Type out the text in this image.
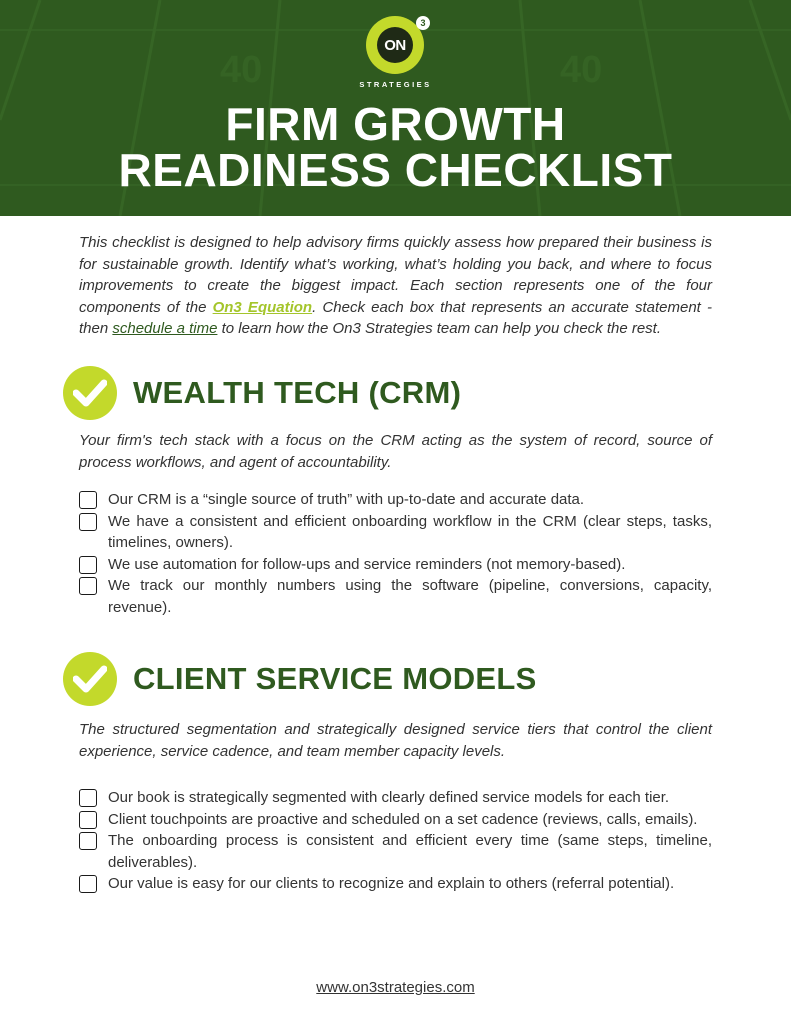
40	40
ON
3
STRATEGIES
FIRM GROWTH
READINESS CHECKLIST
This checklist is designed to help advisory firms quickly assess how prepared their business is for sustainable growth. Identify what’s working, what’s holding you back, and where to focus improvements to create the biggest impact. Each section represents one of the four components of the On3 Equation. Check each box that represents an accurate statement - then schedule a time to learn how the On3 Strategies team can help you check the rest.
WEALTH TECH (CRM)
Your firm's tech stack with a focus on the CRM acting as the system of record, source of process workflows, and agent of accountability.
Our CRM is a “single source of truth” with up-to-date and accurate data.
We have a consistent and efficient onboarding workflow in the CRM (clear steps, tasks, timelines, owners).
We use automation for follow-ups and service reminders (not memory-based).
We track our monthly numbers using the software (pipeline, conversions, capacity, revenue).
CLIENT SERVICE MODELS
The structured segmentation and strategically designed service tiers that control the client experience, service cadence, and team member capacity levels.
Our book is strategically segmented with clearly defined service models for each tier.
Client touchpoints are proactive and scheduled on a set cadence (reviews, calls, emails).
The onboarding process is consistent and efficient every time (same steps, timeline, deliverables).
Our value is easy for our clients to recognize and explain to others (referral potential).
www.on3strategies.com
